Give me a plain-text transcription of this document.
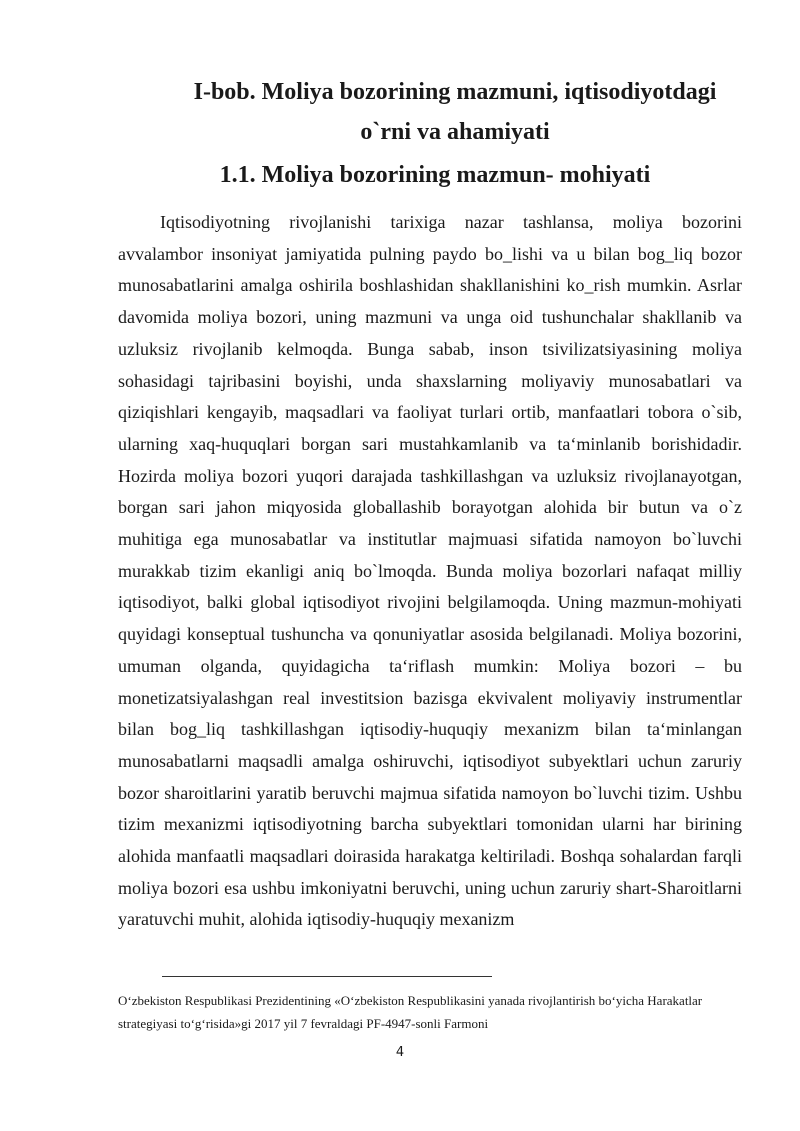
I-bob. Moliya bozorining mazmuni, iqtisodiyotdagi
o`rni va ahamiyati
1.1. Moliya bozorining mazmun- mohiyati

Iqtisodiyotning rivojlanishi tarixiga nazar tashlansa, moliya bozorini avvalambor insoniyat jamiyatida pulning paydo bo_lishi va u bilan bog_liq bozor munosabatlarini amalga oshirila boshlashidan shakllanishini ko_rish mumkin. Asrlar davomida moliya bozori, uning mazmuni va unga oid tushunchalar shakllanib va uzluksiz rivojlanib kelmoqda. Bunga sabab, inson tsivilizatsiyasining moliya sohasidagi tajribasini boyishi, unda shaxslarning moliyaviy munosabatlari va qiziqishlari kengayib, maqsadlari va faoliyat turlari ortib, manfaatlari tobora o`sib, ularning xaq-huquqlari borgan sari mustahkamlanib va ta‘minlanib borishidadir. Hozirda moliya bozori yuqori darajada tashkillashgan va uzluksiz rivojlanayotgan, borgan sari jahon miqyosida globallashib borayotgan alohida bir butun va o`z muhitiga ega munosabatlar va institutlar majmuasi sifatida namoyon bo`luvchi murakkab tizim ekanligi aniq bo`lmoqda. Bunda moliya bozorlari nafaqat milliy iqtisodiyot, balki global iqtisodiyot rivojini belgilamoqda. Uning mazmun-mohiyati quyidagi konseptual tushuncha va qonuniyatlar asosida belgilanadi. Moliya bozorini, umuman olganda, quyidagicha ta‘riflash mumkin: Moliya bozori – bu monetizatsiyalashgan real investitsion bazisga ekvivalent moliyaviy instrumentlar bilan bog_liq tashkillashgan iqtisodiy-huquqiy mexanizm bilan ta‘minlangan munosabatlarni maqsadli amalga oshiruvchi, iqtisodiyot subyektlari uchun zaruriy bozor sharoitlarini yaratib beruvchi majmua sifatida namoyon bo`luvchi tizim. Ushbu tizim mexanizmi iqtisodiyotning barcha subyektlari tomonidan ularni har birining alohida manfaatli maqsadlari doirasida harakatga keltiriladi. Boshqa sohalardan farqli moliya bozori esa ushbu imkoniyatni beruvchi, uning uchun zaruriy shart-Sharoitlarni yaratuvchi muhit, alohida iqtisodiy-huquqiy mexanizm

O‘zbekiston Respublikasi Prezidentining «O‘zbekiston Respublikasini yanada rivojlantirish bo‘yicha Harakatlar strategiyasi to‘g‘risida»gi 2017 yil 7 fevraldagi PF-4947-sonli Farmoni

4
